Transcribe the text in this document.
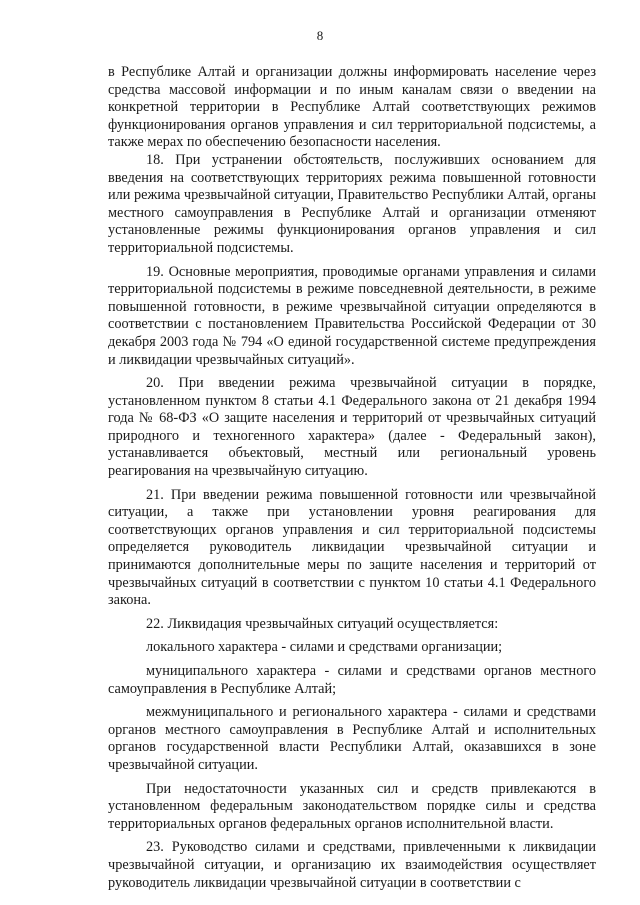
8

в Республике Алтай и организации должны информировать население через средства массовой информации и по иным каналам связи о введении на конкретной территории в Республике Алтай соответствующих режимов функционирования органов управления и сил территориальной подсистемы, а также мерах по обеспечению безопасности населения.

18. При устранении обстоятельств, послуживших основанием для введения на соответствующих территориях режима повышенной готовности или режима чрезвычайной ситуации, Правительство Республики Алтай, органы местного самоуправления в Республике Алтай и организации отменяют установленные режимы функционирования органов управления и сил территориальной подсистемы.

19. Основные мероприятия, проводимые органами управления и силами территориальной подсистемы в режиме повседневной деятельности, в режиме повышенной готовности, в режиме чрезвычайной ситуации определяются в соответствии с постановлением Правительства Российской Федерации от 30 декабря 2003 года № 794 «О единой государственной системе предупреждения и ликвидации чрезвычайных ситуаций».

20. При введении режима чрезвычайной ситуации в порядке, установленном пунктом 8 статьи 4.1 Федерального закона от 21 декабря 1994 года № 68-ФЗ «О защите населения и территорий от чрезвычайных ситуаций природного и техногенного характера» (далее - Федеральный закон), устанавливается объектовый, местный или региональный уровень реагирования на чрезвычайную ситуацию.

21. При введении режима повышенной готовности или чрезвычайной ситуации, а также при установлении уровня реагирования для соответствующих органов управления и сил территориальной подсистемы определяется руководитель ликвидации чрезвычайной ситуации и принимаются дополнительные меры по защите населения и территорий от чрезвычайных ситуаций в соответствии с пунктом 10 статьи 4.1 Федерального закона.

22. Ликвидация чрезвычайных ситуаций осуществляется:

локального характера - силами и средствами организации;

муниципального характера - силами и средствами органов местного самоуправления в Республике Алтай;

межмуниципального и регионального характера - силами и средствами органов местного самоуправления в Республике Алтай и исполнительных органов государственной власти Республики Алтай, оказавшихся в зоне чрезвычайной ситуации.

При недостаточности указанных сил и средств привлекаются в установленном федеральным законодательством порядке силы и средства территориальных органов федеральных органов исполнительной власти.

23. Руководство силами и средствами, привлеченными к ликвидации чрезвычайной ситуации, и организацию их взаимодействия осуществляет руководитель ликвидации чрезвычайной ситуации в соответствии с
